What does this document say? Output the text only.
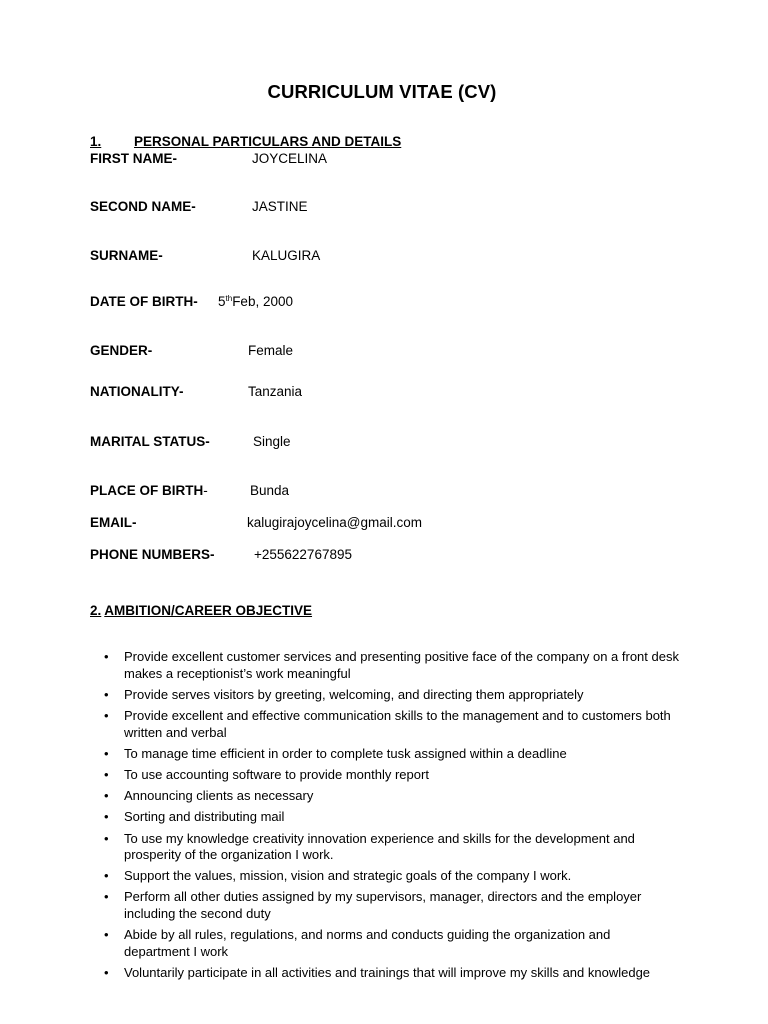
CURRICULUM VITAE (CV)
1. PERSONAL PARTICULARS AND DETAILS
FIRST NAME-	JOYCELINA
SECOND NAME-	JASTINE
SURNAME-	KALUGIRA
DATE OF BIRTH- 5thFeb, 2000
GENDER-	Female
NATIONALITY-	Tanzania
MARITAL STATUS-	Single
PLACE OF BIRTH-	Bunda
EMAIL-	kalugirajoycelina@gmail.com
PHONE NUMBERS-	+255622767895
2. AMBITION/CAREER OBJECTIVE
• Provide excellent customer services and presenting positive face of the company on a front desk makes a receptionist’s work meaningful
• Provide serves visitors by greeting, welcoming, and directing them appropriately
• Provide excellent and effective communication skills to the management and to customers both written and verbal
• To manage time efficient in order to complete tusk assigned within a deadline
• To use accounting software to provide monthly report
• Announcing clients as necessary
• Sorting and distributing mail
• To use my knowledge creativity innovation experience and skills for the development and prosperity of the organization I work.
• Support the values, mission, vision and strategic goals of the company I work.
• Perform all other duties assigned by my supervisors, manager, directors and the employer including the second duty
• Abide by all rules, regulations, and norms and conducts guiding the organization and department I work
• Voluntarily participate in all activities and trainings that will improve my skills and knowledge
